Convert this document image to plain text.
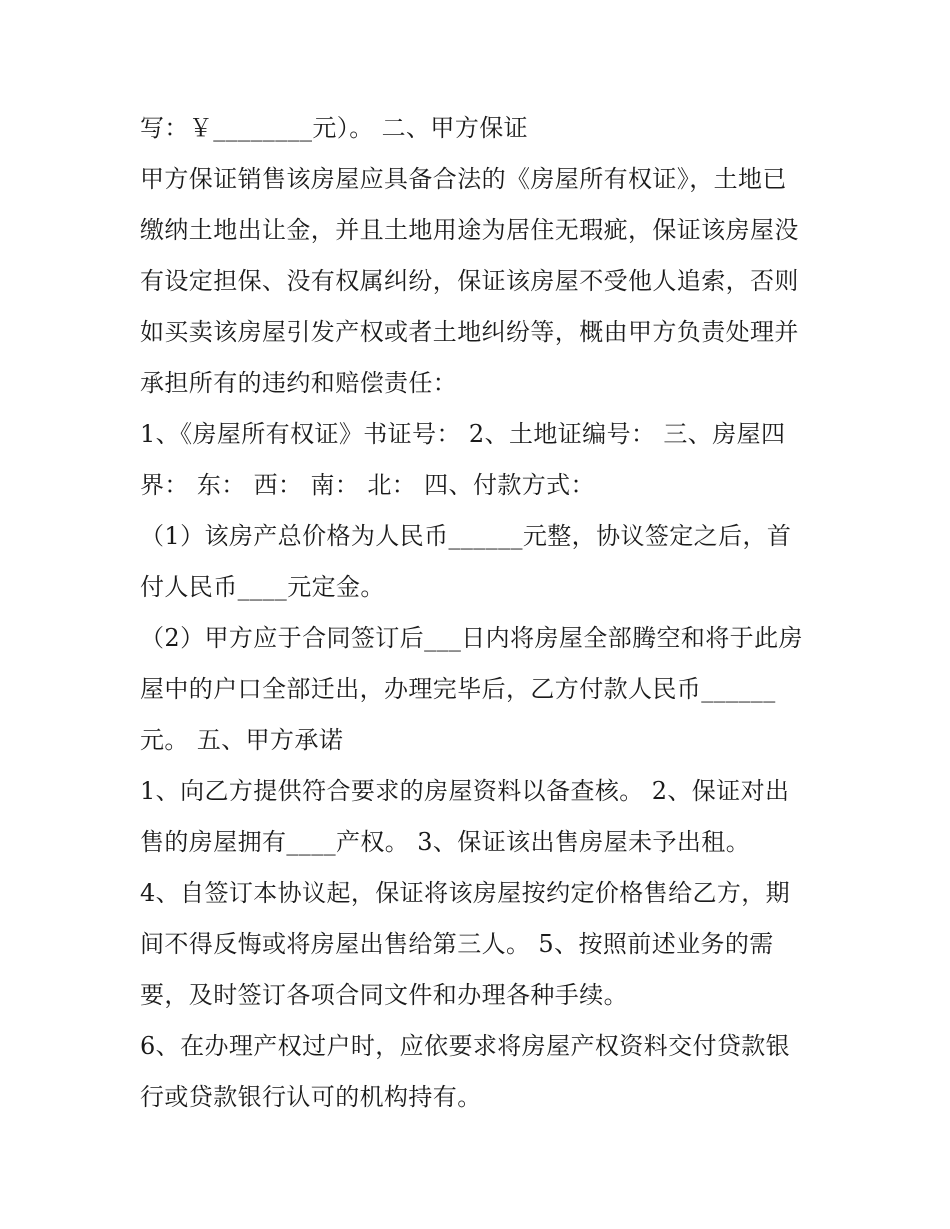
写：￥________元）。 二、甲方保证
甲方保证销售该房屋应具备合法的《房屋所有权证》，土地已
缴纳土地出让金，并且土地用途为居住无瑕疵，保证该房屋没
有设定担保、没有权属纠纷，保证该房屋不受他人追索，否则
如买卖该房屋引发产权或者土地纠纷等，概由甲方负责处理并
承担所有的违约和赔偿责任：
1、《房屋所有权证》书证号： 2、土地证编号： 三、房屋四
界： 东： 西： 南： 北： 四、付款方式：
（1）该房产总价格为人民币______元整，协议签定之后，首
付人民币____元定金。
（2）甲方应于合同签订后___日内将房屋全部腾空和将于此房
屋中的户口全部迁出，办理完毕后，乙方付款人民币______
元。 五、甲方承诺
1、向乙方提供符合要求的房屋资料以备查核。 2、保证对出
售的房屋拥有____产权。 3、保证该出售房屋未予出租。
4、自签订本协议起，保证将该房屋按约定价格售给乙方，期
间不得反悔或将房屋出售给第三人。 5、按照前述业务的需
要，及时签订各项合同文件和办理各种手续。
6、在办理产权过户时，应依要求将房屋产权资料交付贷款银
行或贷款银行认可的机构持有。
